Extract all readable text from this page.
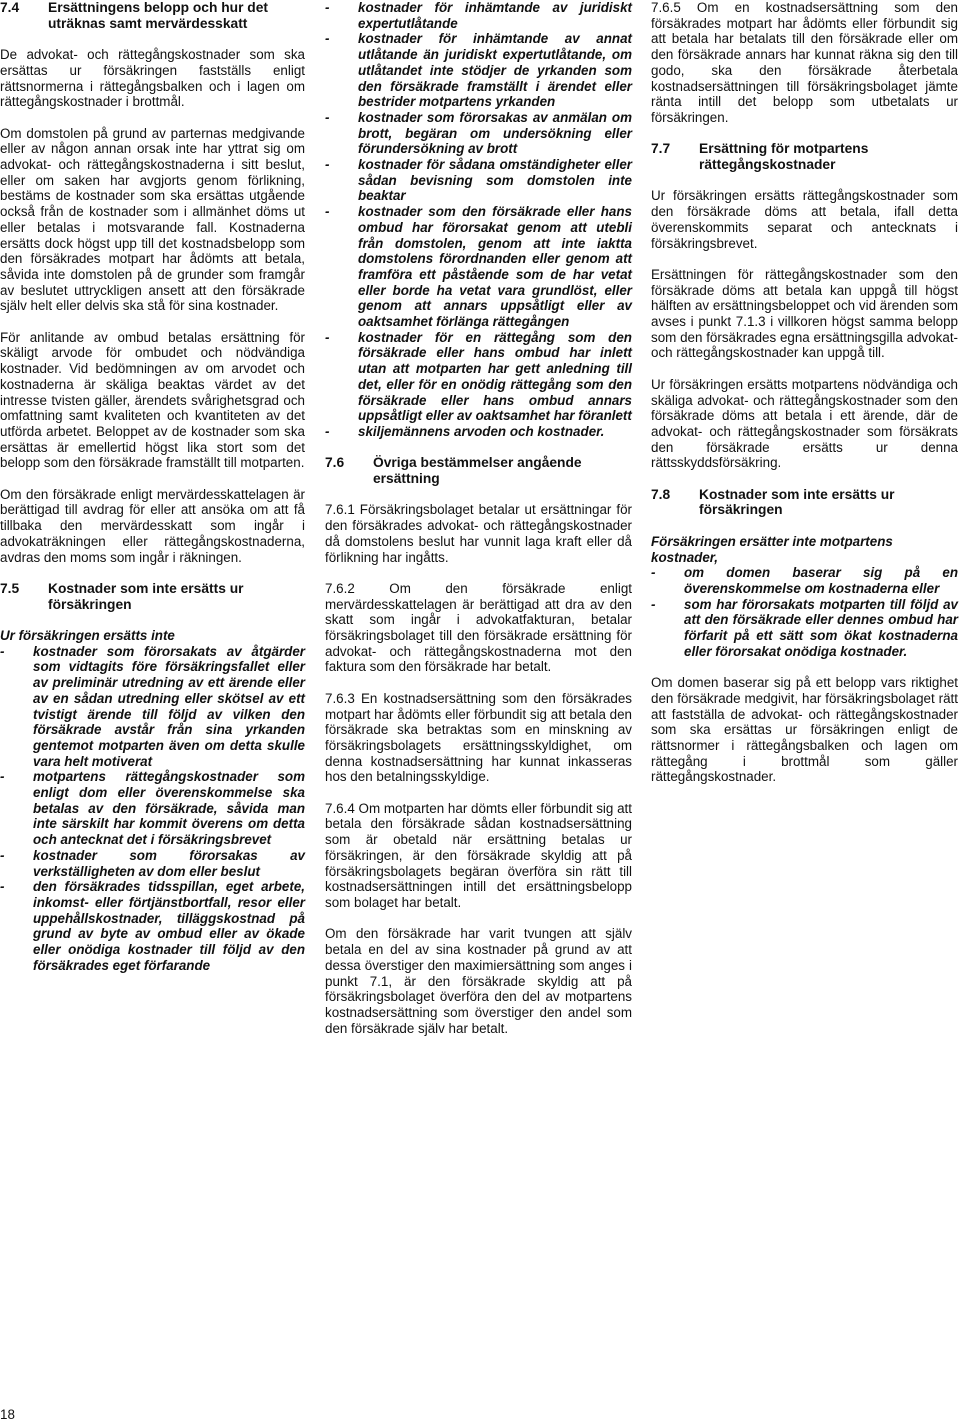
7.4	Ersättningens belopp och hur det uträknas samt mervärdesskatt

De advokat- och rättegångskostnader som ska ersättas ur försäkringen fastställs enligt rättsnormerna i rättegångsbalken och i lagen om rättegångskostnader i brottmål.

Om domstolen på grund av parternas medgivande eller av någon annan orsak inte har yttrat sig om advokat- och rättegångskostnaderna i sitt beslut, eller om saken har avgjorts genom förlikning, bestäms de kostnader som ska ersättas utgående också från de kostnader som i allmänhet döms ut eller betalas i motsvarande fall. Kostnaderna ersätts dock högst upp till det kostnadsbelopp som den försäkrades motpart har ådömts att betala, såvida inte domstolen på de grunder som framgår av beslutet uttryckligen ansett att den försäkrade själv helt eller delvis ska stå för sina kostnader.

För anlitande av ombud betalas ersättning för skäligt arvode för ombudet och nödvändiga kostnader. Vid bedömningen av om arvodet och kostnaderna är skäliga beaktas värdet av det intresse tvisten gäller, ärendets svårighetsgrad och omfattning samt kvaliteten och kvantiteten av det utförda arbetet. Beloppet av de kostnader som ska ersättas är emellertid högst lika stort som det belopp som den försäkrade framställt till motparten.

Om den försäkrade enligt mervärdesskattelagen är berättigad till avdrag för eller att ansöka om att få tillbaka den mervärdesskatt som ingår i advokaträkningen eller rättegångskostnaderna, avdras den moms som ingår i räkningen.

7.5	Kostnader som inte ersätts ur försäkringen

Ur försäkringen ersätts inte

-	kostnader som förorsakats av åtgärder som vidtagits före försäkringsfallet eller av preliminär utredning av ett ärende eller av en sådan utredning eller skötsel av ett tvistigt ärende till följd av vilken den försäkrade avstår från sina yrkanden gentemot motparten även om detta skulle vara helt motiverat
-	motpartens rättegångskostnader som enligt dom eller överenskommelse ska betalas av den försäkrade, såvida man inte särskilt har kommit överens om detta och antecknat det i försäkringsbrevet
-	kostnader som förorsakas av verkställigheten av dom eller beslut
-	den försäkrades tidsspillan, eget arbete, inkomst- eller förtjänstbortfall, resor eller uppehållskostnader, tilläggskostnad på grund av byte av ombud eller av ökade eller onödiga kostnader till följd av den försäkrades eget förfarande
-	kostnader för inhämtande av juridiskt expertutlåtande
-	kostnader för inhämtande av annat utlåtande än juridiskt expertutlåtande, om utlåtandet inte stödjer de yrkanden som den försäkrade framställt i ärendet eller bestrider motpartens yrkanden
-	kostnader som förorsakas av anmälan om brott, begäran om undersökning eller förundersökning av brott
-	kostnader för sådana omständigheter eller sådan bevisning som domstolen inte beaktar
-	kostnader som den försäkrade eller hans ombud har förorsakat genom att utebli från domstolen, genom att inte iaktta domstolens förordnanden eller genom att framföra ett påstående som de har vetat eller borde ha vetat vara grundlöst, eller genom att annars uppsåtligt eller av oaktsamhet förlänga rättegången
-	kostnader för en rättegång som den försäkrade eller hans ombud har inlett utan att motparten har gett anledning till det, eller för en onödig rättegång som den försäkrade eller hans ombud annars uppsåtligt eller av oaktsamhet har föranlett
-	skiljemännens arvoden och kostnader.
7.6	Övriga bestämmelser angående ersättning

7.6.1 Försäkringsbolaget betalar ut ersättningar för den försäkrades advokat- och rättegångskostnader då domstolens beslut har vunnit laga kraft eller då förlikning har ingåtts.

7.6.2 Om den försäkrade enligt mervärdesskattelagen är berättigad att dra av den skatt som ingår i advokatfakturan, betalar försäkringsbolaget till den försäkrade ersättning för advokat- och rättegångskostnaderna mot den faktura som den försäkrade har betalt.

7.6.3 En kostnadsersättning som den försäkrades motpart har ådömts eller förbundit sig att betala den försäkrade ska betraktas som en minskning av försäkringsbolagets ersättningsskyldighet, om denna kostnadsersättning har kunnat inkasseras hos den betalningsskyldige.

7.6.4 Om motparten har dömts eller förbundit sig att betala den försäkrade sådan kostnadsersättning som är obetald när ersättning betalas ur försäkringen, är den försäkrade skyldig att på försäkringsbolagets begäran överföra sin rätt till kostnadsersättningen intill det ersättningsbelopp som bolaget har betalt.

Om den försäkrade har varit tvungen att själv betala en del av sina kostnader på grund av att dessa överstiger den maximiersättning som anges i punkt 7.1, är den försäkrade skyldig att på försäkringsbolaget överföra den del av motpartens kostnadsersättning som överstiger den andel som den försäkrade själv har betalt.

7.6.5 Om en kostnadsersättning som den försäkrades motpart har ådömts eller förbundit sig att betala har betalats till den försäkrade eller om den försäkrade annars har kunnat räkna sig den till godo, ska den försäkrade återbetala kostnadsersättningen till försäkringsbolaget jämte ränta intill det belopp som utbetalats ur försäkringen.

7.7	Ersättning för motpartens rättegångskostnader

Ur försäkringen ersätts rättegångskostnader som den försäkrade döms att betala, ifall detta överenskommits separat och antecknats i försäkringsbrevet.

Ersättningen för rättegångskostnader som den försäkrade döms att betala kan uppgå till högst hälften av ersättningsbeloppet och vid ärenden som avses i punkt 7.1.3 i villkoren högst samma belopp som den försäkrades egna ersättningsgilla advokat- och rättegångskostnader kan uppgå till.

Ur försäkringen ersätts motpartens nödvändiga och skäliga advokat- och rättegångskostnader som den försäkrade döms att betala i ett ärende, där de advokat- och rättegångskostnader som försäkrats den försäkrade ersätts ur denna rättsskyddsförsäkring.

7.8	Kostnader som inte ersätts ur försäkringen

Försäkringen ersätter inte motpartens kostnader,

-	om domen baserar sig på en överenskommelse om kostnaderna eller
-	som har förorsakats motparten till följd av att den försäkrade eller dennes ombud har förfarit på ett sätt som ökat kostnaderna eller förorsakat onödiga kostnader.

Om domen baserar sig på ett belopp vars riktighet den försäkrade medgivit, har försäkringsbolaget rätt att fastställa de advokat- och rättegångskostnader som ska ersättas ur försäkringen enligt de rättsnormer i rättegångsbalken och lagen om rättegång i brottmål som gäller rättegångskostnader.

18
